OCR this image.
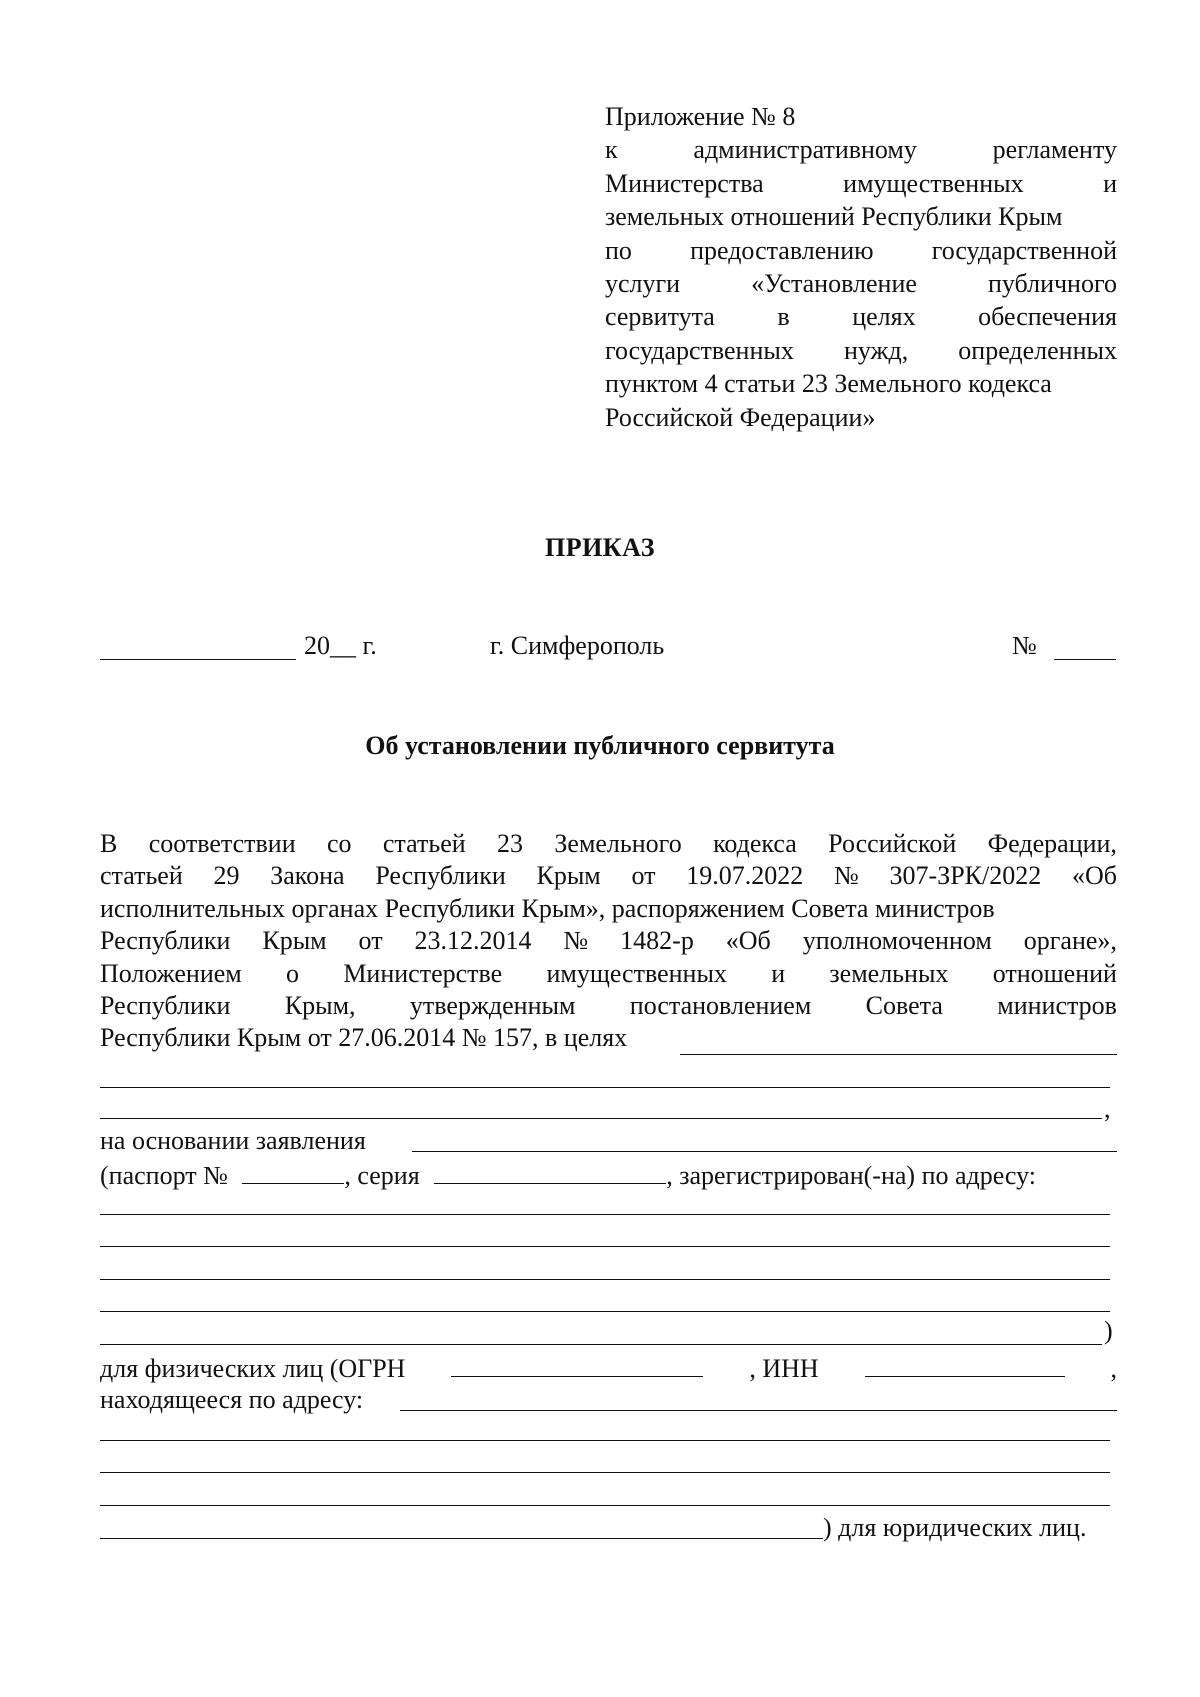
Приложение № 8
к	административному	регламенту
Министерства	имущественных	и
земельных отношений Республики Крым
по предоставлению государственной
услуги	«Установление	публичного
сервитута в целях обеспечения
государственных нужд, определенных
пунктом 4 статьи 23 Земельного кодекса
Российской Федерации»
ПРИКАЗ
20__ г.	г. Симферополь	№
Об установлении публичного сервитута
В соответствии со статьей 23 Земельного кодекса Российской Федерации,
статьей 29 Закона Республики Крым от 19.07.2022 № 307-ЗРК/2022 «Об
исполнительных органах Республики Крым», распоряжением Совета министров
Республики Крым от 23.12.2014 № 1482-р «Об уполномоченном органе»,
Положением о Министерстве имущественных и земельных отношений
Республики Крым, утвержденным постановлением Совета министров
Республики Крым от 27.06.2014 № 157, в целях
,
на основании заявления
(паспорт №	, серия	, зарегистрирован(-на) по адресу:
)
для физических лиц (ОГРН	, ИНН	,
находящееся по адресу:
) для юридических лиц.
